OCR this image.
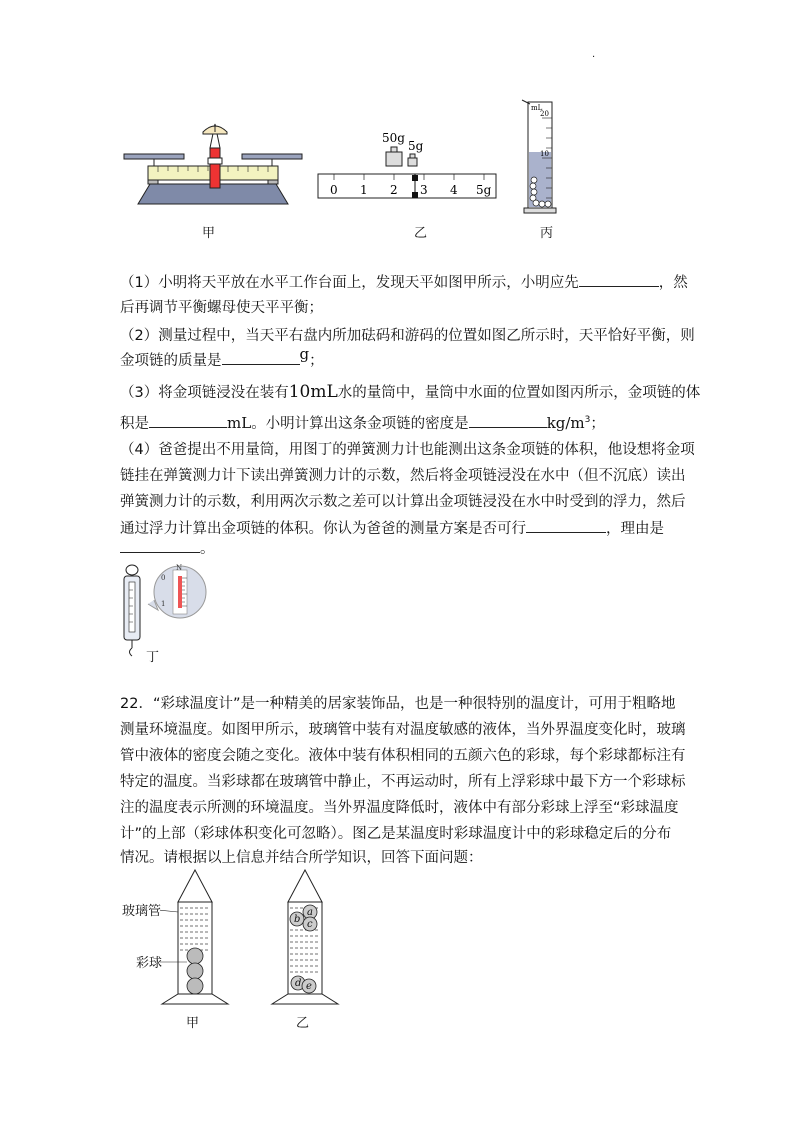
·
甲
50g
5g
0 1 2 3 4 5g
乙
mL
20
10
丙
（1）小明将天平放在水平工作台面上，发现天平如图甲所示，小明应先	，然
后再调节平衡螺母使天平平衡；
（2）测量过程中，当天平右盘内所加砝码和游码的位置如图乙所示时，天平恰好平衡，则
金项链的质量是	g；
（3）将金项链浸没在装有10mL水的量筒中，量筒中水面的位置如图丙所示，金项链的体
积是	mL。小明计算出这条金项链的密度是	$kg/m^3$；
（4）爸爸提出不用量筒，用图丁的弹簧测力计也能测出这条金项链的体积，他设想将金项
链挂在弹簧测力计下读出弹簧测力计的示数，然后将金项链浸没在水中（但不沉底）读出
弹簧测力计的示数，利用两次示数之差可以计算出金项链浸没在水中时受到的浮力，然后
通过浮力计算出金项链的体积。你认为爸爸的测量方案是否可行	，理由是
。
N
0
1
丁
22．“彩球温度计”是一种精美的居家装饰品，也是一种很特别的温度计，可用于粗略地
测量环境温度。如图甲所示，玻璃管中装有对温度敏感的液体，当外界温度变化时，玻璃
管中液体的密度会随之变化。液体中装有体积相同的五颜六色的彩球，每个彩球都标注有
特定的温度。当彩球都在玻璃管中静止，不再运动时，所有上浮彩球中最下方一个彩球标
注的温度表示所测的环境温度。当外界温度降低时，液体中有部分彩球上浮至“彩球温度
计”的上部（彩球体积变化可忽略）。图乙是某温度时彩球温度计中的彩球稳定后的分布
情况。请根据以上信息并结合所学知识，回答下面问题：
玻璃管
彩球
甲
a
b c
d e
乙
